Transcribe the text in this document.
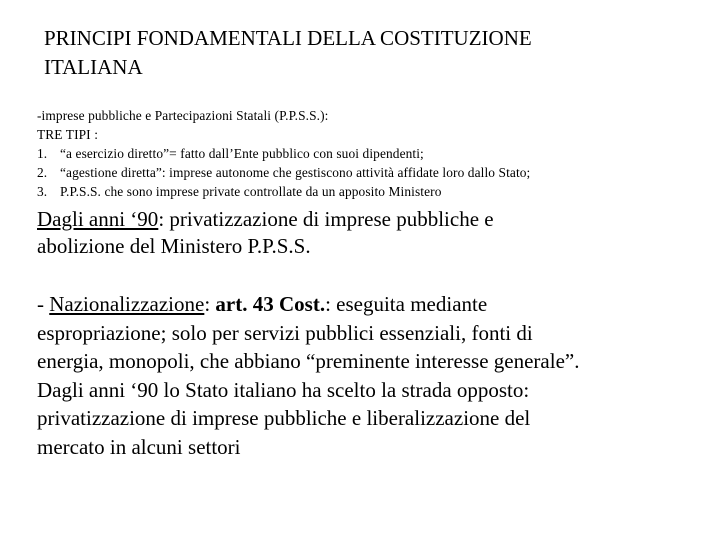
PRINCIPI FONDAMENTALI DELLA COSTITUZIONE
ITALIANA
-imprese pubbliche e Partecipazioni Statali (P.P.S.S.):
TRE TIPI :
1. “a esercizio diretto”= fatto dall’Ente pubblico con suoi dipendenti;
2. “agestione diretta”: imprese autonome che gestiscono attività affidate loro dallo Stato;
3. P.P.S.S. che sono imprese private controllate da un apposito Ministero
Dagli anni ‘90: privatizzazione di imprese pubbliche e
abolizione del Ministero P.P.S.S.
- Nazionalizzazione: art. 43 Cost.: eseguita mediante
espropriazione; solo per servizi pubblici essenziali, fonti di
energia, monopoli, che abbiano “preminente interesse generale”.
Dagli anni ‘90 lo Stato italiano ha scelto la strada opposto:
privatizzazione di imprese pubbliche e liberalizzazione del
mercato in alcuni settori
